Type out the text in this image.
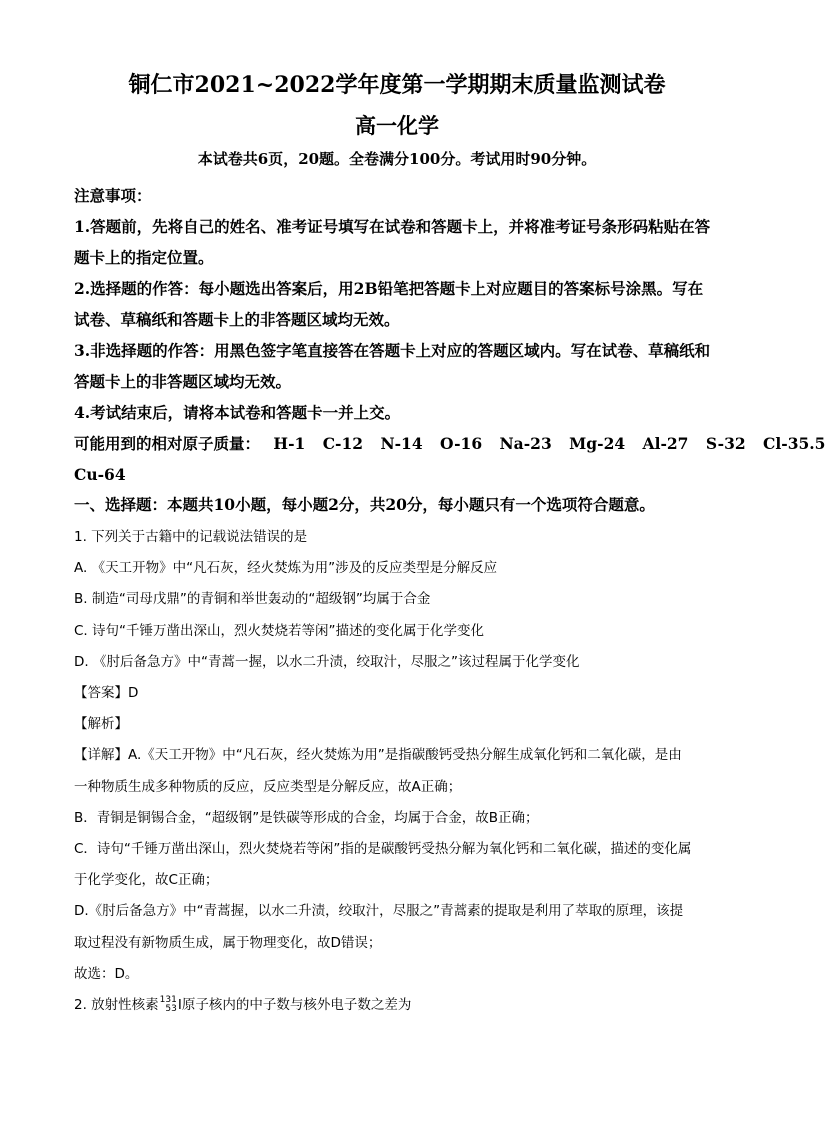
铜仁市2021~2022学年度第一学期期末质量监测试卷
高一化学
本试卷共6页，20题。全卷满分100分。考试用时90分钟。
注意事项：
1.答题前，先将自己的姓名、准考证号填写在试卷和答题卡上，并将准考证号条形码粘贴在答
题卡上的指定位置。
2.选择题的作答：每小题选出答案后，用2B铅笔把答题卡上对应题目的答案标号涂黑。写在
试卷、草稿纸和答题卡上的非答题区域均无效。
3.非选择题的作答：用黑色签字笔直接答在答题卡上对应的答题区域内。写在试卷、草稿纸和
答题卡上的非答题区域均无效。
4.考试结束后，请将本试卷和答题卡一并上交。
可能用到的相对原子质量： H-1 C-12 N-14 O-16 Na-23 Mg-24 Al-27 S-32 Cl-35.5
Cu-64
一、选择题：本题共10小题，每小题2分，共20分，每小题只有一个选项符合题意。
1. 下列关于古籍中的记载说法错误的是
A. 《天工开物》中“凡石灰，经火焚炼为用”涉及的反应类型是分解反应
B. 制造“司母戊鼎”的青铜和举世轰动的“超级钢”均属于合金
C. 诗句“千锤万凿出深山，烈火焚烧若等闲”描述的变化属于化学变化
D. 《肘后备急方》中“青蒿一握，以水二升渍，绞取汁，尽服之”该过程属于化学变化
【答案】D
【解析】
【详解】A.《天工开物》中“凡石灰，经火焚炼为用”是指碳酸钙受热分解生成氧化钙和二氧化碳，是由
一种物质生成多种物质的反应，反应类型是分解反应，故A正确；
B．青铜是铜锡合金，“超级钢”是铁碳等形成的合金，均属于合金，故B正确；
C．诗句“千锤万凿出深山，烈火焚烧若等闲”指的是碳酸钙受热分解为氧化钙和二氧化碳，描述的变化属
于化学变化，故C正确；
D.《肘后备急方》中“青蒿握，以水二升渍，绞取汁，尽服之”青蒿素的提取是利用了萃取的原理，该提
取过程没有新物质生成，属于物理变化，故D错误；
故选：D。
2. 放射性核素 131
53 I原子核内的中子数与核外电子数之差为
